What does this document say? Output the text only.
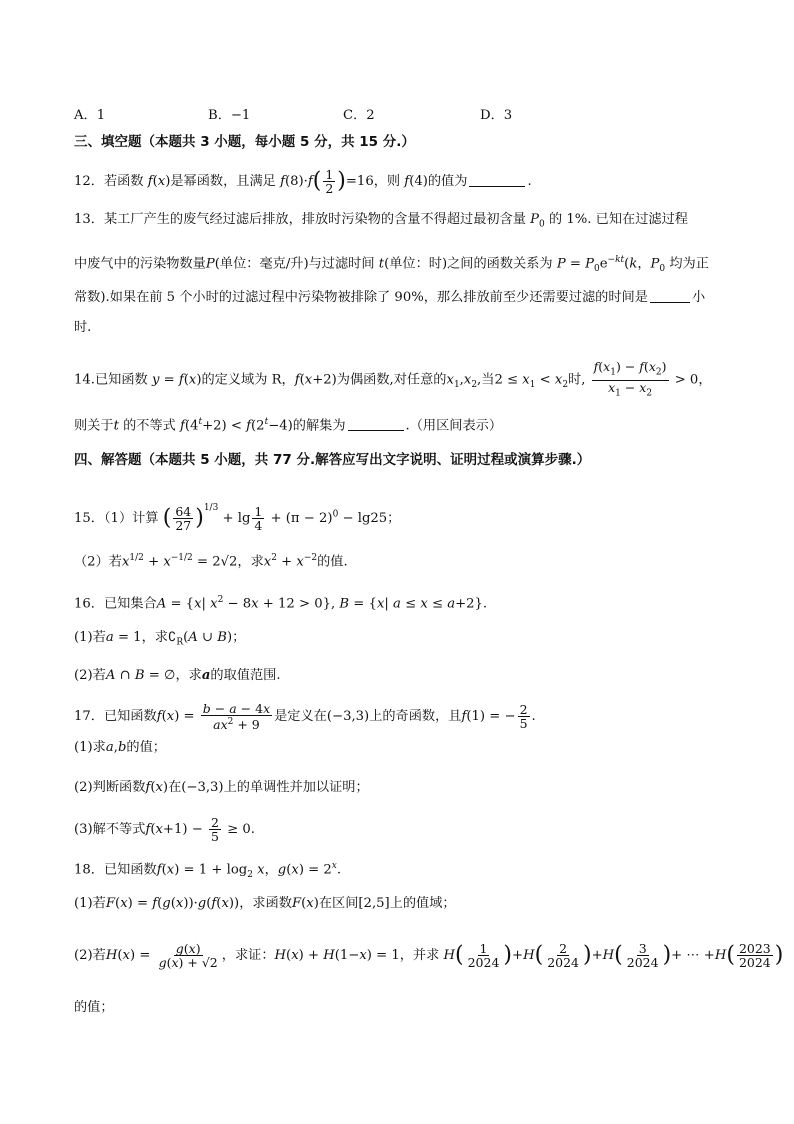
A．1	B．−1	C．2	D．3
三、填空题（本题共 3 小题，每小题 5 分，共 15 分.）
12．若函数 f(x)是幂函数，且满足 $f(8)\cdot f( \frac{1}{2} )=16$，则 f(4)的值为	.
13．某工厂产生的废气经过滤后排放，排放时污染物的含量不得超过最初含量 $P_0$ 的 1%. 已知在过滤过程
中废气中的污染物数量P(单位：毫克/升)与过滤时间 t(单位：时)之间的函数关系为 $P = P_0e^{-kt}(k$，$P_0$ 均为正
常数).如果在前 5 个小时的过滤过程中污染物被排除了 90%，那么排放前至少还需要过滤的时间是	小
时.
14.已知函数 y = f(x)的定义域为 R，f(x+2)为偶函数,对任意的$x_1,x_2$,当$2 \le x_1 < x_2$时, $\frac{f(x_1) - f(x_2)}{x_1 - x_2} > 0$，
则关于t 的不等式 $f(4^t+2) < f(2^t-4)$的解集为	.（用区间表示）
四、解答题（本题共 5 小题，共 77 分.解答应写出文字说明、证明过程或演算步骤.）
15．（1）计算 ( $\frac{64}{27} )^{1/3} + \lg \frac{1}{4} + (\pi - 2)^0 - \lg 25$；
（2）若$x^{1/2} + x^{-1/2} = 2√2$，求$x^2 + x^{-2}$的值.
16．已知集合A = {x| $x^2 - 8x + 12 > 0$}, B = {x| a ≤ x ≤ a+2}.
(1)若a = 1，求$∁_R(A$ ∪ B)；
(2)若A ∩ B = ∅，求a的取值范围.
17．已知函数$f(x) = \frac{b - a - 4x}{ax^2 + 9}$ 是定义在(−3,3)上的奇函数，且f(1) = − $\frac{2}{5}$ .
(1)求a,b的值；
(2)判断函数f(x)在(−3,3)上的单调性并加以证明；
(3)解不等式$f(x+1) - \frac{2}{5} \ge 0$.
18．已知函数$f(x) = 1 + \log_2 x$，$g(x) = 2^x$.
(1)若F(x) = f(g(x))·g(f(x))，求函数F(x)在区间[2,5]上的值域；
(2)若$H(x) = \frac{g(x)}{g(x) + √2}$ ，求证：H(x) + H(1−x) = 1，并求 $H( \frac{1}{2024} )+H( \frac{2}{2024} )+H( \frac{3}{2024}$ )+ ⋯ $+H( \frac{2023}{2024}$ )
的值；
